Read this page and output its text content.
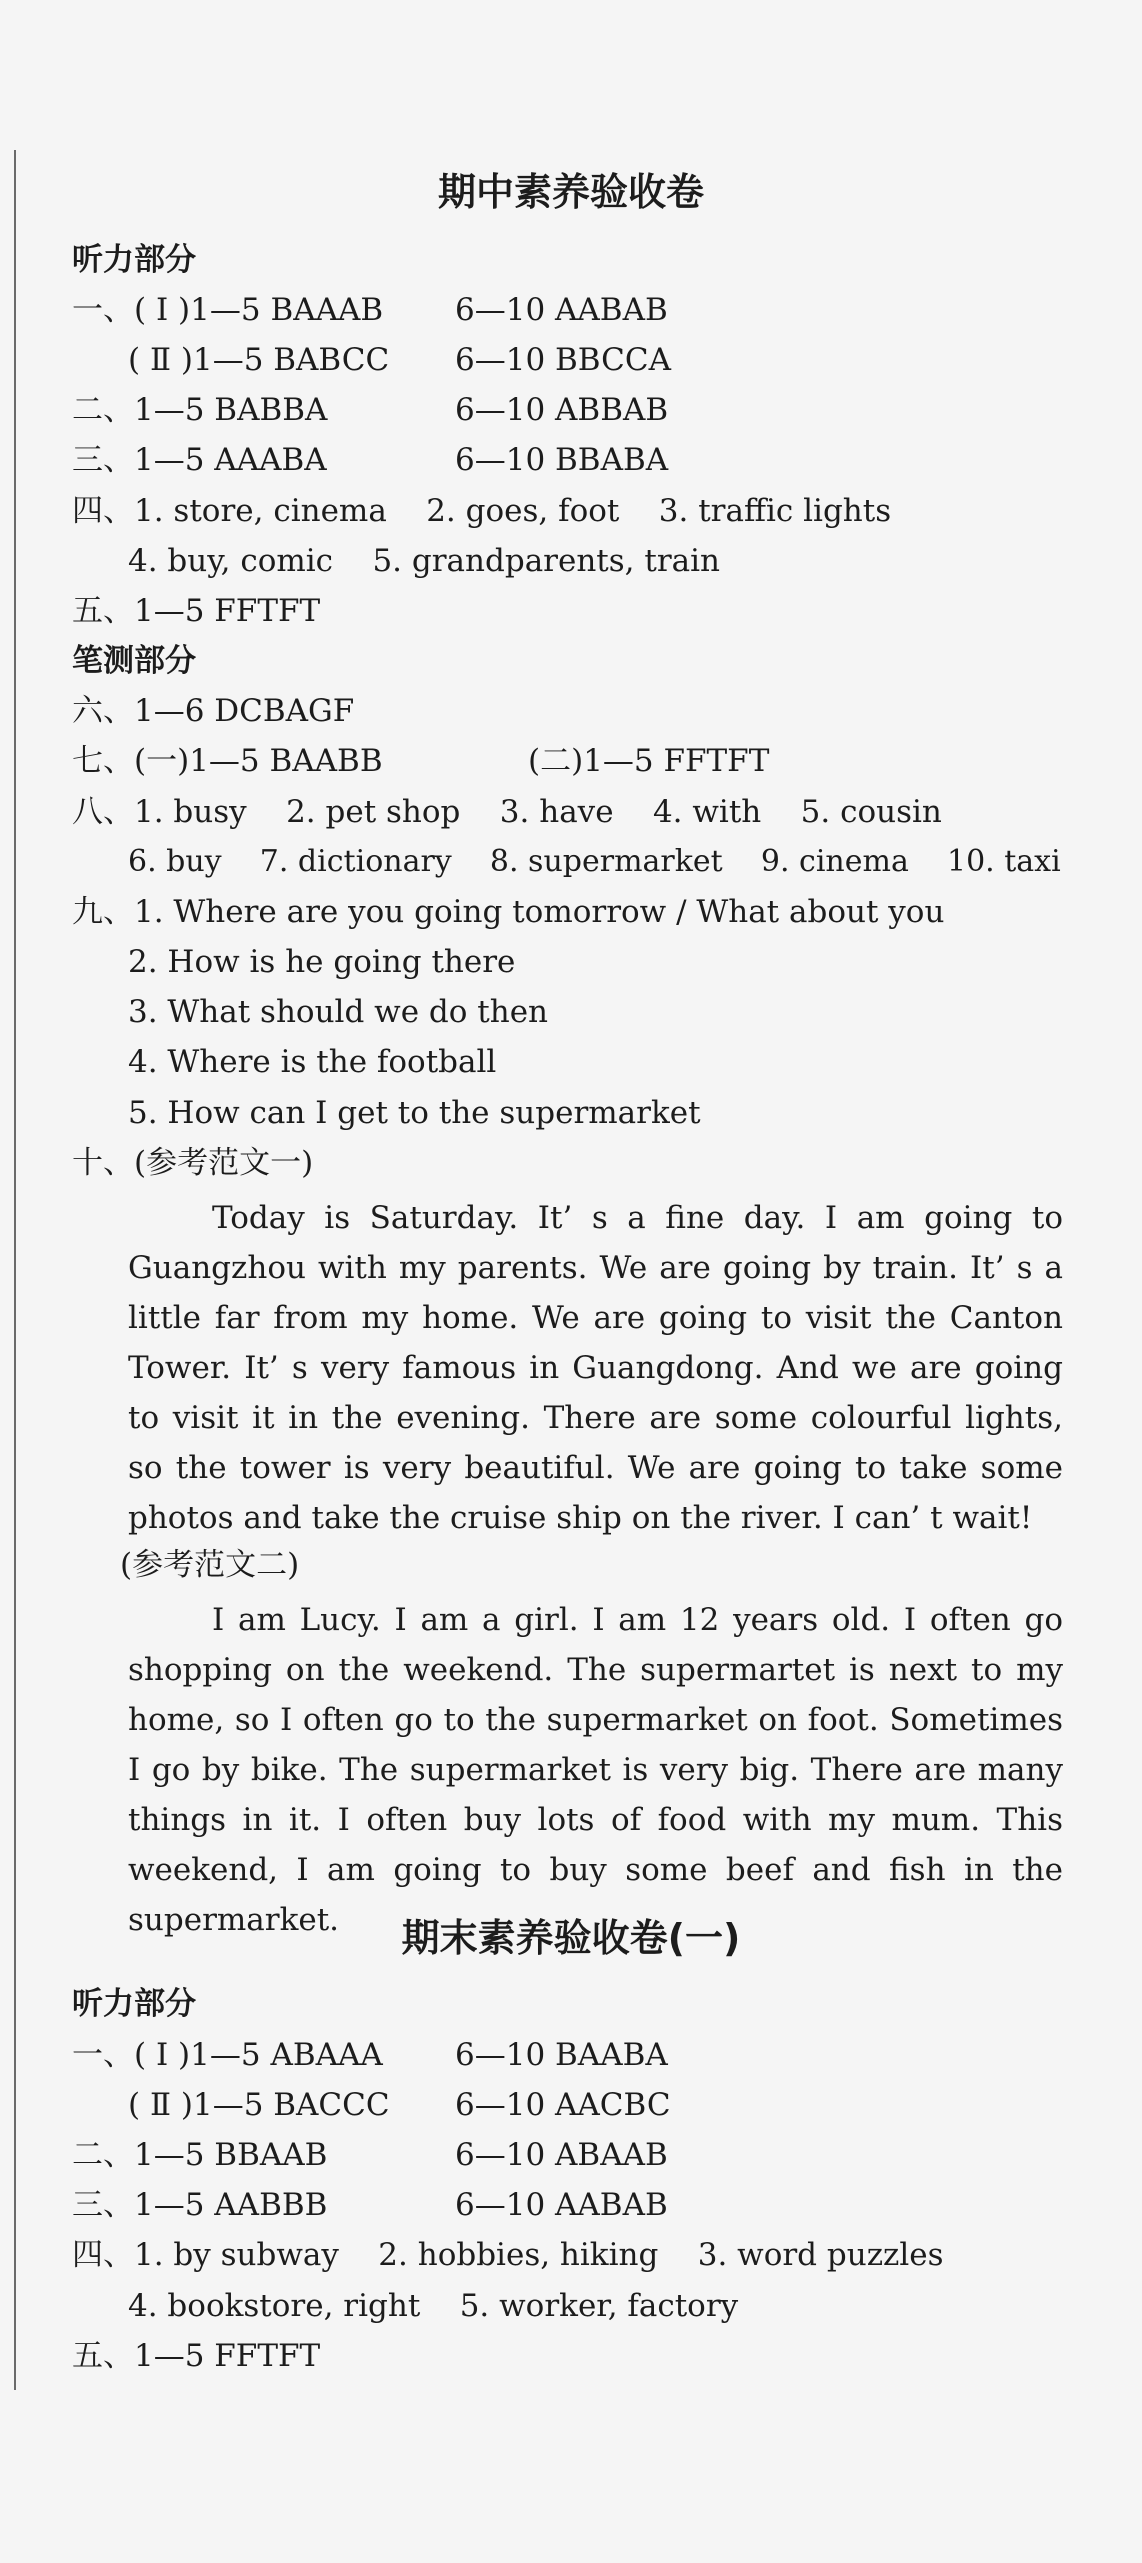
期中素养验收卷
听力部分
一、( Ⅰ )1—5 BAAAB 6—10 AABAB
( Ⅱ )1—5 BABCC 6—10 BBCCA
二、1—5 BABBA	6—10 ABBAB
三、1—5 AAABA	6—10 BBABA
四、1. store, cinema    2. goes, foot    3. traffic lights
4. buy, comic    5. grandparents, train
五、1—5 FFTFT
笔测部分
六、1—6 DCBAGF
七、(一)1—5 BAABB	(二)1—5 FFTFT
八、1. busy    2. pet shop    3. have    4. with    5. cousin
6. buy    7. dictionary    8. supermarket    9. cinema    10. taxi
九、1. Where are you going tomorrow / What about you
2. How is he going there
3. What should we do then
4. Where is the football
5. How can I get to the supermarket
十、(参考范文一)
Today is Saturday. It’ s a fine day. I am going to Guangzhou with my parents. We are going by train. It’ s a little far from my home. We are going to visit the Canton Tower. It’ s very famous in Guangdong. And we are going to visit it in the evening. There are some colourful lights, so the tower is very beautiful. We are going to take some photos and take the cruise ship on the river. I can’ t wait!
(参考范文二)
I am Lucy. I am a girl. I am 12 years old. I often go shopping on the weekend. The supermartet is next to my home, so I often go to the supermarket on foot. Sometimes I go by bike. The supermarket is very big. There are many things in it. I often buy lots of food with my mum. This weekend, I am going to buy some beef and fish in the supermarket.	期末素养验收卷(一)
听力部分
一、( Ⅰ )1—5 ABAAA 6—10 BAABA
( Ⅱ )1—5 BACCC 6—10 AACBC
二、1—5 BBAAB	6—10 ABAAB
三、1—5 AABBB	6—10 AABAB
四、1. by subway    2. hobbies, hiking    3. word puzzles
4. bookstore, right    5. worker, factory
五、1—5 FFTFT
